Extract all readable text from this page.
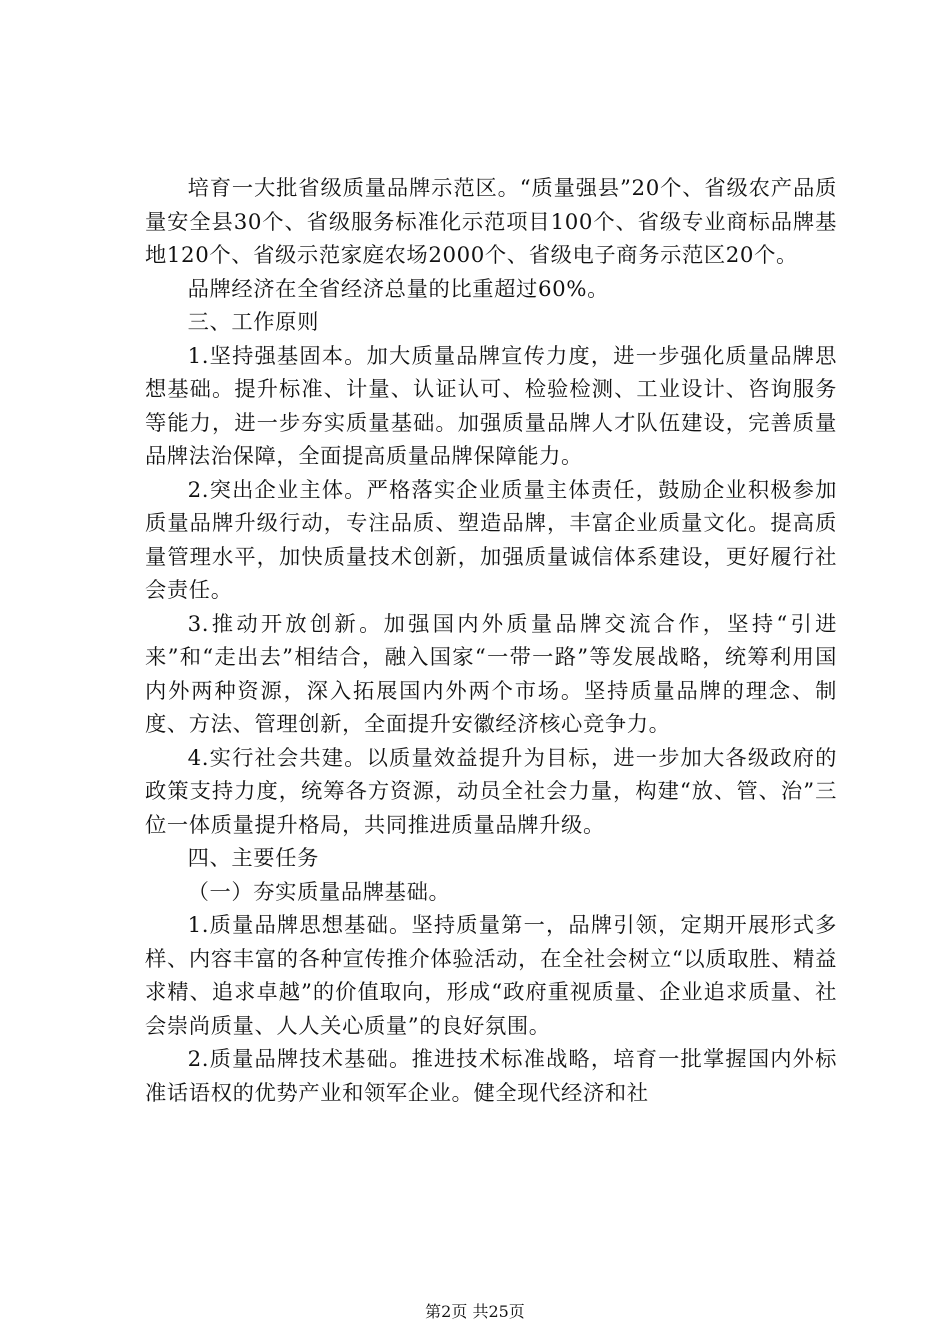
培育一大批省级质量品牌示范区。“质量强县”20个、省级农产品质量安全县30个、省级服务标准化示范项目100个、省级专业商标品牌基地120个、省级示范家庭农场2000个、省级电子商务示范区20个。

品牌经济在全省经济总量的比重超过60%。

三、工作原则

1.坚持强基固本。加大质量品牌宣传力度，进一步强化质量品牌思想基础。提升标准、计量、认证认可、检验检测、工业设计、咨询服务等能力，进一步夯实质量基础。加强质量品牌人才队伍建设，完善质量品牌法治保障，全面提高质量品牌保障能力。

2.突出企业主体。严格落实企业质量主体责任，鼓励企业积极参加质量品牌升级行动，专注品质、塑造品牌，丰富企业质量文化。提高质量管理水平，加快质量技术创新，加强质量诚信体系建设，更好履行社会责任。

3.推动开放创新。加强国内外质量品牌交流合作，坚持“引进来”和“走出去”相结合，融入国家“一带一路”等发展战略，统筹利用国内外两种资源，深入拓展国内外两个市场。坚持质量品牌的理念、制度、方法、管理创新，全面提升安徽经济核心竞争力。

4.实行社会共建。以质量效益提升为目标，进一步加大各级政府的政策支持力度，统筹各方资源，动员全社会力量，构建“放、管、治”三位一体质量提升格局，共同推进质量品牌升级。

四、主要任务

（一）夯实质量品牌基础。

1.质量品牌思想基础。坚持质量第一，品牌引领，定期开展形式多样、内容丰富的各种宣传推介体验活动，在全社会树立“以质取胜、精益求精、追求卓越”的价值取向，形成“政府重视质量、企业追求质量、社会崇尚质量、人人关心质量”的良好氛围。

2.质量品牌技术基础。推进技术标准战略，培育一批掌握国内外标准话语权的优势产业和领军企业。健全现代经济和社

第2页 共25页
